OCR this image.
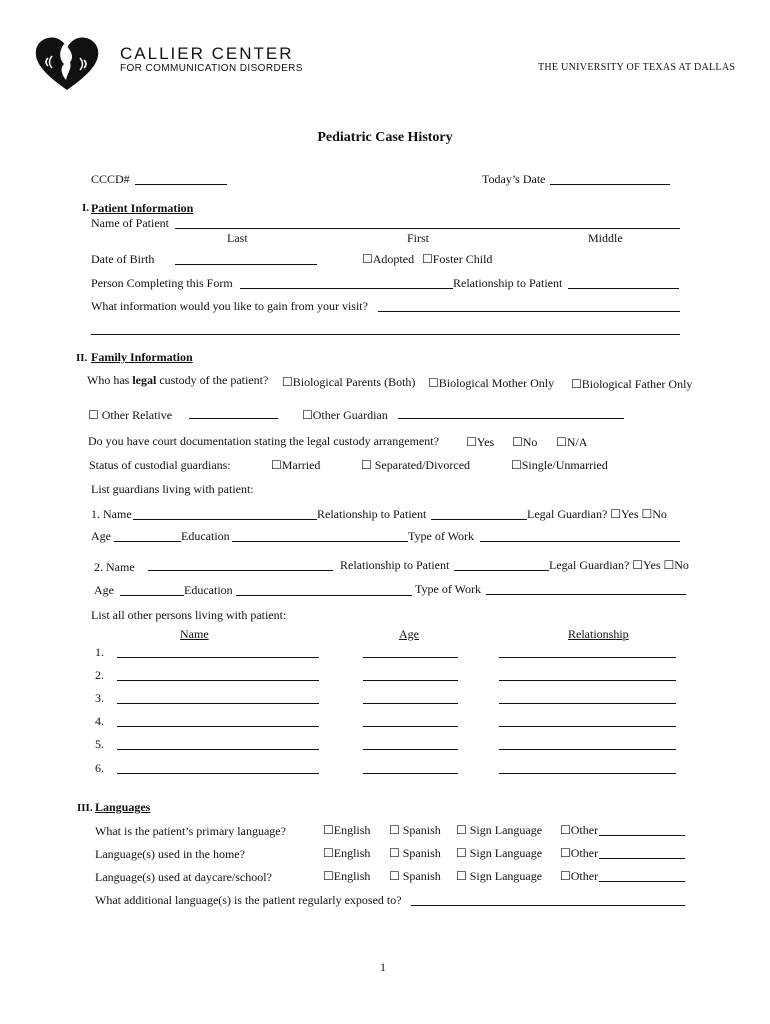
CALLIER CENTER
FOR COMMUNICATION DISORDERS	THE UNIVERSITY OF TEXAS AT DALLAS
Pediatric Case History
CCCD#	Today’s Date
I. Patient Information
Name of Patient
Last	First	Middle
Date of Birth	☐Adopted ☐Foster Child
Person Completing this Form	Relationship to Patient
What information would you like to gain from your visit?
II. Family Information
Who has legal custody of the patient? ☐Biological Parents (Both) ☐Biological Mother Only ☐Biological Father Only
☐ Other Relative	☐Other Guardian
Do you have court documentation stating the legal custody arrangement? ☐Yes ☐No ☐N/A
Status of custodial guardians:	☐Married	☐ Separated/Divorced	☐Single/Unmarried
List guardians living with patient:
1. Name	Relationship to Patient	Legal Guardian? ☐Yes ☐No
Age	Education	Type of Work
2. Name	Relationship to Patient	Legal Guardian? ☐Yes ☐No
Age	Education	Type of Work
List all other persons living with patient:
Name	Age	Relationship
1.
2.
3.
4.
5.
6.
III. Languages
What is the patient’s primary language?	☐English ☐ Spanish ☐ Sign Language ☐Other
Language(s) used in the home?	☐English ☐ Spanish ☐ Sign Language ☐Other
Language(s) used at daycare/school?	☐English ☐ Spanish ☐ Sign Language ☐Other
What additional language(s) is the patient regularly exposed to?
1
